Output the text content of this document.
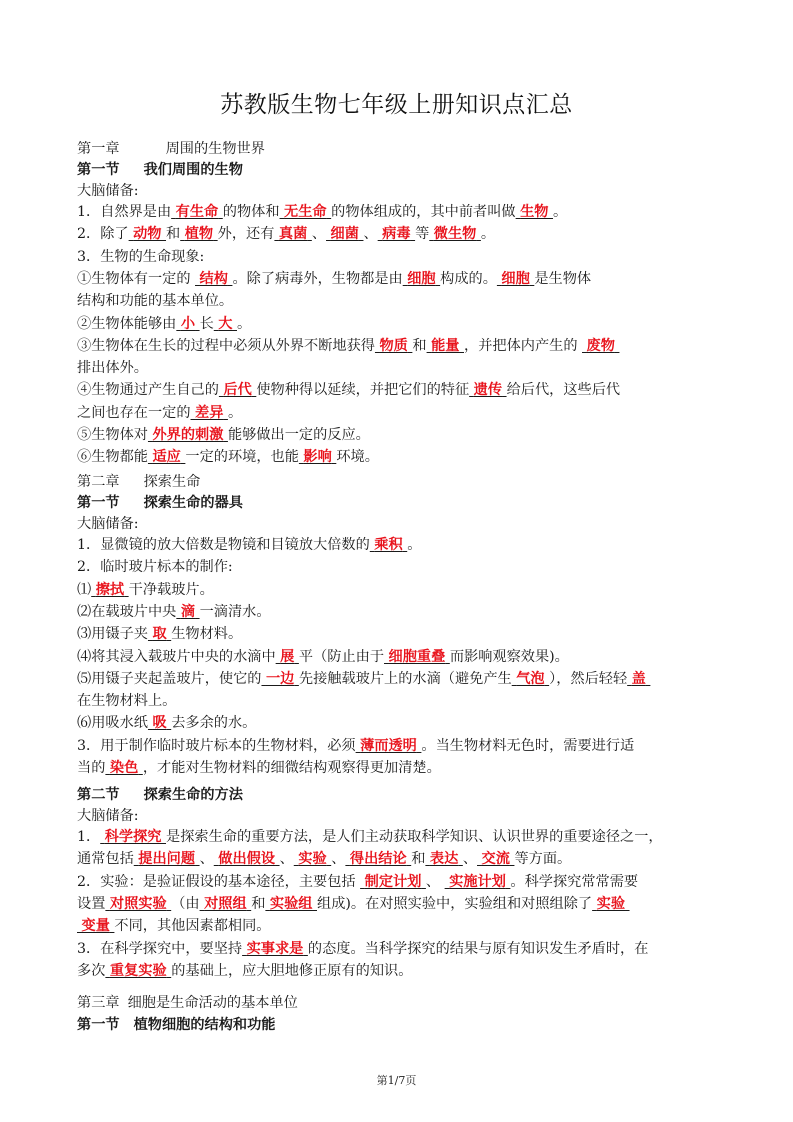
苏教版生物七年级上册知识点汇总
第一章	周围的生物世界
第一节 我们周围的生物
大脑储备:
1．自然界是由 有生命 的物体和 无生命 的物体组成的，其中前者叫做 生物 。
2．除了 动物 和 植物 外，还有 真菌 、 细菌 、 病毒 等 微生物 。
3．生物的生命现象:
①生物体有一定的  结构 。除了病毒外，生物都是由 细胞 构成的。 细胞 是生物体
结构和功能的基本单位。
②生物体能够由 小 长 大 。
③生物体在生长的过程中必须从外界不断地获得 物质 和 能量 ，并把体内产生的  废物
排出体外。
④生物通过产生自己的 后代 使物种得以延续，并把它们的特征 遗传 给后代，这些后代
之间也存在一定的 差异 。
⑤生物体对 外界的刺激 能够做出一定的反应。
⑥生物都能 适应 一定的环境，也能 影响 环境。
第二章 探索生命
第一节 探索生命的器具
大脑储备:
1．显微镜的放大倍数是物镜和目镜放大倍数的 乘积 。
2．临时玻片标本的制作:
⑴ 擦拭 干净载玻片。
⑵在载玻片中央 滴 一滴清水。
⑶用镊子夹 取 生物材料。
⑷将其浸入载玻片中央的水滴中 展 平（防止由于 细胞重叠 而影响观察效果)。
⑸用镊子夹起盖玻片，使它的 一边 先接触载玻片上的水滴（避免产生 气泡 ），然后轻轻 盖
在生物材料上。
⑹用吸水纸 吸 去多余的水。
3．用于制作临时玻片标本的生物材料，必须 薄而透明 。当生物材料无色时，需要进行适
当的 染色 ，才能对生物材料的细微结构观察得更加清楚。
第二节 探索生命的方法
大脑储备:
1． 科学探究 是探索生命的重要方法，是人们主动获取科学知识、认识世界的重要途径之一，
通常包括 提出问题 、 做出假设 、 实验 、 得出结论 和 表达 、 交流 等方面。
2．实验：是验证假设的基本途径，主要包括  制定计划 、  实施计划 。科学探究常常需要
设置 对照实验 （由 对照组 和 实验组 组成)。在对照实验中，实验组和对照组除了 实验
变量 不同，其他因素都相同。
3．在科学探究中，要坚持 实事求是 的态度。当科学探究的结果与原有知识发生矛盾时，在
多次 重复实验 的基础上，应大胆地修正原有的知识。
第三章 细胞是生命活动的基本单位
第一节 植物细胞的结构和功能
第1/7页
